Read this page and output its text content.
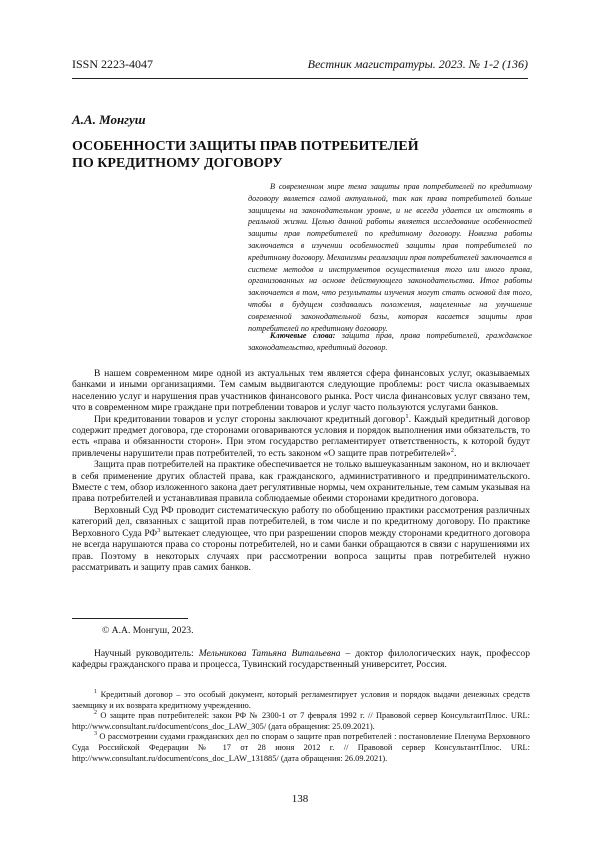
ISSN 2223-4047	Вестник магистратуры. 2023. № 1-2 (136)
А.А. Монгуш
ОСОБЕННОСТИ ЗАЩИТЫ ПРАВ ПОТРЕБИТЕЛЕЙ
ПО КРЕДИТНОМУ ДОГОВОРУ

В современном мире тема защиты прав потребителей по кредитному договору является самой актуальной, так как права потребителей больше защищены на законодательном уровне, и не всегда удается их отстоять в реальной жизни. Целью данной работы является исследование особенностей защиты прав потребителей по кредитному договору. Новизна работы заключается в изучении особенностей защиты прав потребителей по кредитному договору. Механизмы реализации прав потребителей заключается в системе методов и инструментов осуществления того или иного права, организованных на основе действующего законодательства. Итог работы заключается в том, что результаты изучения могут стать основой для того, чтобы в будущем создавались положения, нацеленные на улучшение современной законодательной базы, которая касается защиты прав потребителей по кредитному договору.

Ключевые слова: защита прав, права потребителей, гражданское законодательство, кредитный договор.

В нашем современном мире одной из актуальных тем является сфера финансовых услуг, оказываемых банками и иными организациями. Тем самым выдвигаются следующие проблемы: рост числа оказываемых населению услуг и нарушения прав участников финансового рынка. Рост числа финансовых услуг связано тем, что в современном мире граждане при потреблении товаров и услуг часто пользуются услугами банков.

При кредитовании товаров и услуг стороны заключают кредитный договор$^1$. Каждый кредитный договор содержит предмет договора, где сторонами оговариваются условия и порядок выполнения ими обязательств, то есть «права и обязанности сторон». При этом государство регламентирует ответственность, к которой будут привлечены нарушители прав потребителей, то есть законом «О защите прав потребителей»$^2$.

Защита прав потребителей на практике обеспечивается не только вышеуказанным законом, но и включает в себя применение других областей права, как гражданского, административного и предпринимательского. Вместе с тем, обзор изложенного закона дает регулятивные нормы, чем охранительные, тем самым указывая на права потребителей и устанавливая правила соблюдаемые обеими сторонами кредитного договора.

Верховный Суд РФ проводит систематическую работу по обобщению практики рассмотрения различных категорий дел, связанных с защитой прав потребителей, в том числе и по кредитному договору. По практике Верховного Суда $РФ^3$ вытекает следующее, что при разрешении споров между сторонами кредитного договора не всегда нарушаются права со стороны потребителей, но и сами банки обращаются в связи с нарушениями их прав. Поэтому в некоторых случаях при рассмотрении вопроса защиты прав потребителей нужно рассматривать и защиту прав самих банков.

© А.А. Монгуш, 2023.

Научный руководитель: Мельникова Татьяна Витальевна – доктор филологических наук, профессор кафедры гражданского права и процесса, Тувинский государственный университет, Россия.

$^1$ Кредитный договор – это особый документ, который регламентирует условия и порядок выдачи денежных средств заемщику и их возврата кредитному учреждению.

$^2$ О защите прав потребителей: закон РФ № 2300-1 от 7 февраля 1992 г. // Правовой сервер КонсультантПлюс. URL: http://www.consultant.ru/document/cons_doc_LAW_305/ (дата обращения: 25.09.2021).

$^3$ О рассмотрении судами гражданских дел по спорам о защите прав потребителей : постановление Пленума Верховного Суда Российской Федерации № 17 от 28 июня 2012 г. // Правовой сервер КонсультантПлюс. URL: http://www.consultant.ru/document/cons_doc_LAW_131885/ (дата обращения: 26.09.2021).

138
